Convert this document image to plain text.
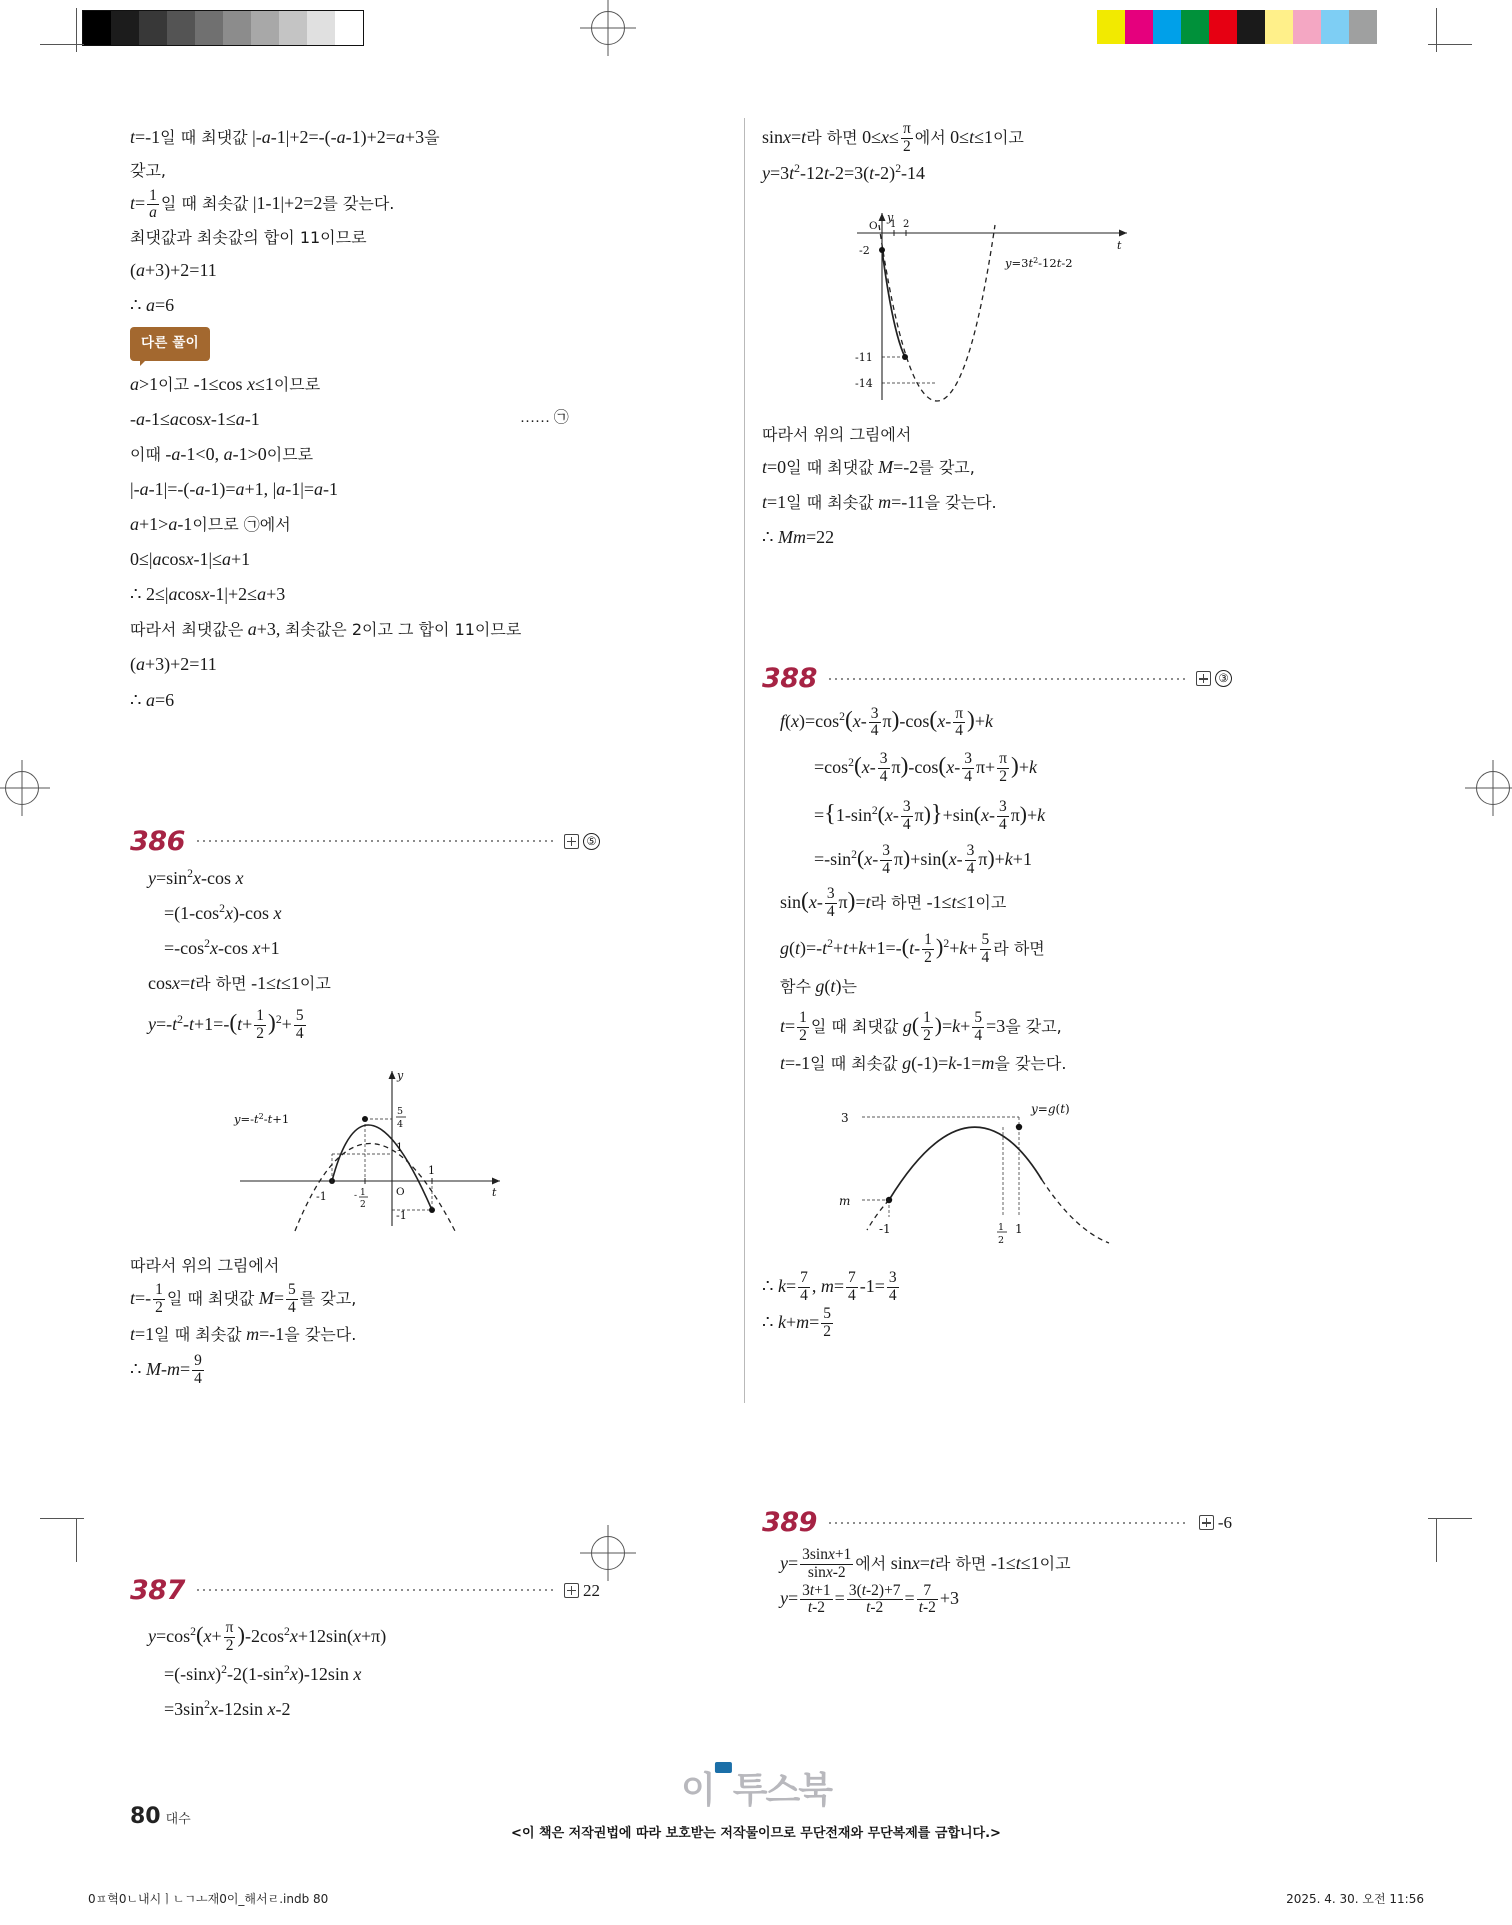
t=-1일 때 최댓값 |-a-1|+2=-(-a-1)+2=a+3을
갖고,
$t= \frac{1}{a}$ 일 때 최솟값 |1-1|+2=2를 갖는다.
최댓값과 최솟값의 합이 11이므로
(a+3)+2=11
∴ a=6
다른 풀이
a>1이고 -1≤cos x≤1이므로
-a-1≤acosx-1≤a-1	…… ㉠
이때 -a-1<0, a-1>0이므로
|-a-1|=-(-a-1)=a+1, |a-1|=a-1
a+1>a-1이므로 ㉠에서
0≤|acosx-1|≤a+1
∴ 2≤|acosx-1|+2≤a+3
따라서 최댓값은 a+3, 최솟값은 2이고 그 합이 11이므로
(a+3)+2=11
∴ a=6
386	⑤
$y=\sin^2x-\cos$ x
$=(1-\cos^2x)-\cos$ x
$=-\cos^2x-\cos$ x+1
cosx=t라 하면 -1≤t≤1이고
$y=-t^2-t+1=-(t+ \frac{1}{2} )^2+ \frac{5}{4}$
y
t
O
-1	- 1
2
1
5
4
1
-1
$y=-t^2-t+1$
따라서 위의 그림에서
$t=- \frac{1}{2}$ 일 때 최댓값 $M= \frac{5}{4}$ 를 갖고,
t=1일 때 최솟값 m=-1을 갖는다.
∴ $M-m= \frac{9}{4}$
387	22
$y=\cos^2(x+ \frac{\pi}{2} )-2\cos^2x+12\sin(x+\pi)$
$=(-\sin x)^2-2(1-\sin^2x)-12\sin$ x
$=3\sin^2x-12\sin$ x-2
sinx=t라 하면 $0\le x\le \frac{\pi}{2}$ 에서 0≤t≤1이고
$y=3t^2-12t-2=3(t-2)^2-14$
y
t
O 1 2
-2
-11
-14
$y=3t^2-12t-2$
따라서 위의 그림에서
t=0일 때 최댓값 M=-2를 갖고,
t=1일 때 최솟값 m=-11을 갖는다.
∴ Mm=22
388	③
$f(x)=\cos^2(x- \frac{3}{4} \pi)-\cos(x- \frac{\pi}{4} )+k$
$=\cos^2(x- \frac{3}{4} \pi)-\cos(x- \frac{3}{4} \pi+ \frac{\pi}{2} )+k$
$=\{1-\sin^2(x- \frac{3}{4} \pi)\}+\sin(x- \frac{3}{4} \pi)+k$
$=-\sin^2(x- \frac{3}{4} \pi)+\sin(x- \frac{3}{4} \pi)+k+1$
$\sin(x- \frac{3}{4} \pi)=t$라 하면 -1≤t≤1이고
$g(t)=-t^2+t+k+1=-(t- \frac{1}{2} )^2+k+ \frac{5}{4}$ 라 하면
함수 g(t)는
$t= \frac{1}{2}$ 일 때 최댓값 $g( \frac{1}{2} )=k+ \frac{5}{4} =3$을 갖고,
t=-1일 때 최솟값 g(-1)=k-1=m을 갖는다.
3
m
-1	1
2
1
y=g(t)
∴ $k= \frac{7}{4}$ , $m= \frac{7}{4} -1= \frac{3}{4}$
∴ $k+m= \frac{5}{2}$
389	-6
$y= \frac{3\sin x+1}{\sin x-2}$ 에서 sinx=t라 하면 -1≤t≤1이고
$y= \frac{3t+1}{t-2} = \frac{3(t-2)+7}{t-2} = \frac{7}{t-2} +3$
80 대수
이 투스북
<이 책은 저작권법에 따라 보호받는 저작물이므로 무단전재와 무단복제를 금합니다.>
0ㅍ혁0ㄴ내시ㅣㄴㄱㅗ재0이_해서ㄹ.indb 80	2025. 4. 30. 오전 11:56
